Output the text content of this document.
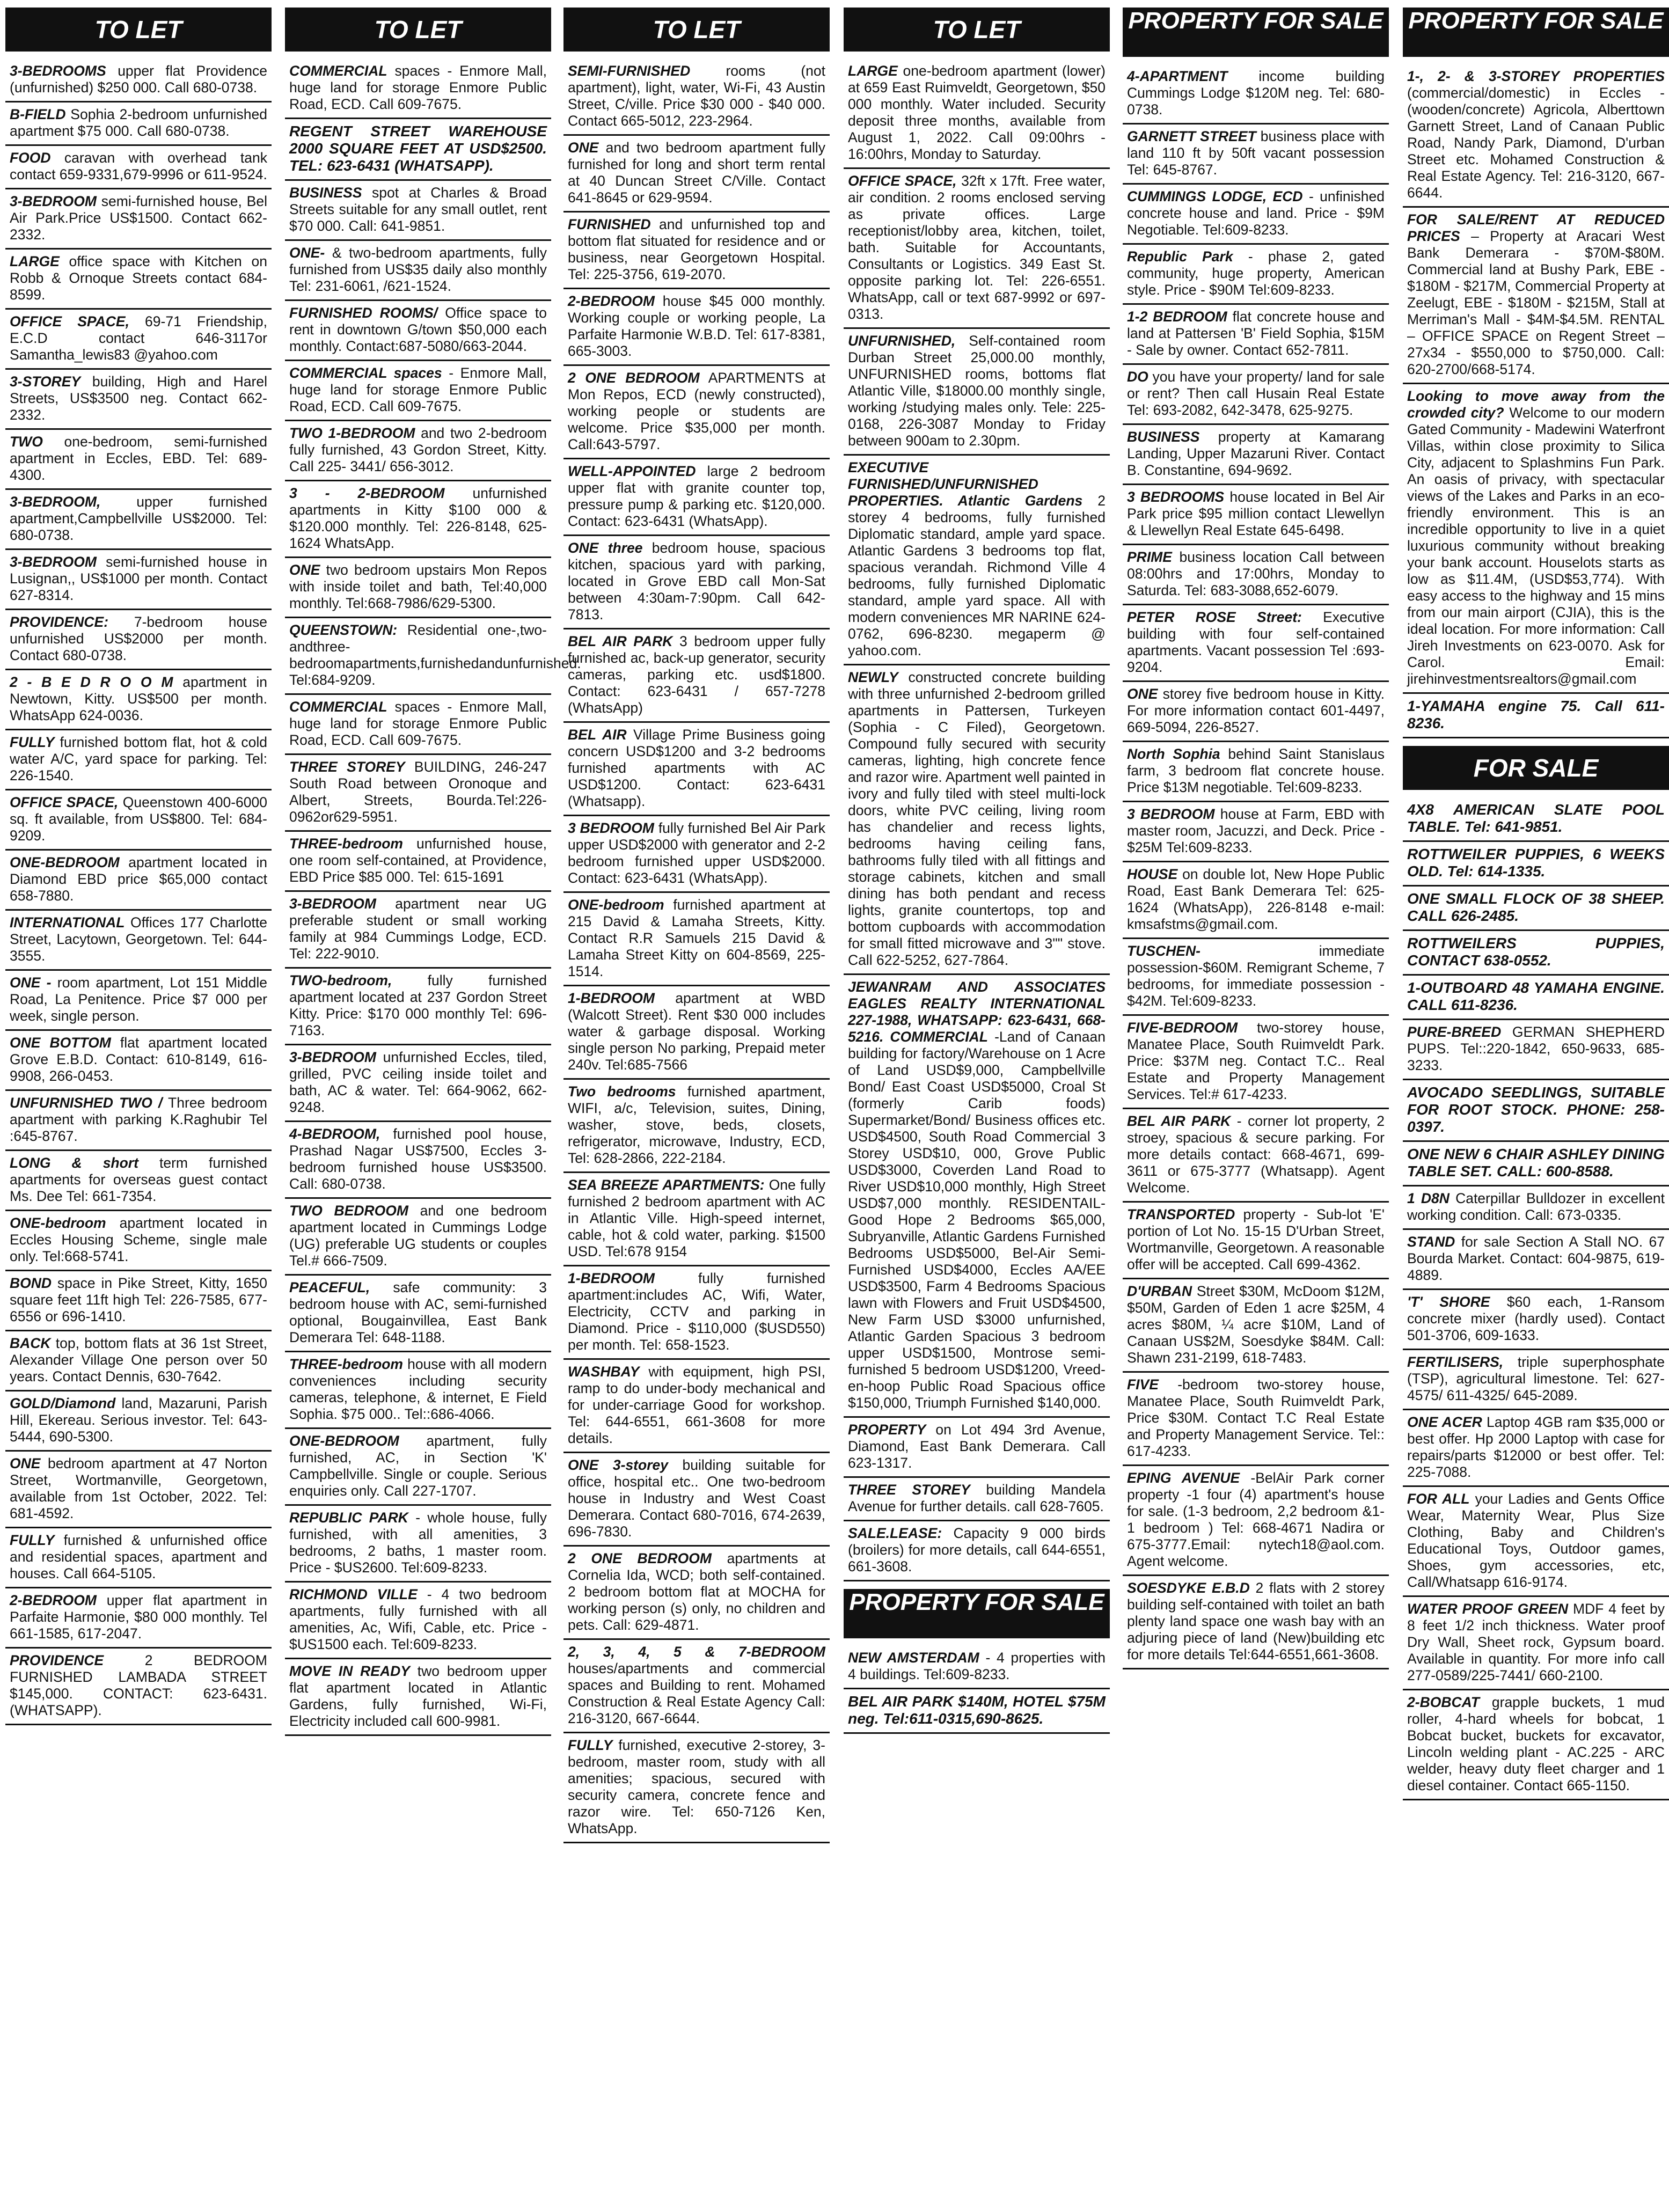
TO LET
3-BEDROOMS upper flat Providence (unfurnished) $250 000. Call 680-0738.
B-FIELD Sophia 2-bedroom unfurnished apartment $75 000. Call 680-0738.
FOOD caravan with overhead tank contact 659-9331,679-9996 or 611-9524.
3-BEDROOM semi-furnished house, Bel Air Park.Price US$1500. Contact 662-2332.
LARGE office space with Kitchen on Robb & Ornoque Streets contact 684-8599.
OFFICE SPACE, 69-71 Friendship, E.C.D contact 646-3117or Samantha_lewis83 @yahoo.com
3-STOREY building, High and Harel Streets, US$3500 neg. Contact 662-2332.
TWO one-bedroom, semi-furnished apartment in Eccles, EBD. Tel: 689-4300.
3-BEDROOM,	upper furnished apartment,Campbellville US$2000. Tel: 680-0738.
3-BEDROOM semi-furnished house in Lusignan,, US$1000 per month. Contact 627-8314.
PROVIDENCE: 7-bedroom house unfurnished US$2000 per month. Contact 680-0738.
2 - B E D R O O M apartment in Newtown, Kitty. US$500 per month. WhatsApp 624-0036.
FULLY furnished bottom flat, hot & cold water A/C, yard space for parking. Tel: 226-1540.
OFFICE SPACE, Queenstown 400-6000 sq. ft available, from US$800. Tel: 684-9209.
ONE-BEDROOM apartment located in Diamond EBD price $65,000 contact 658-7880.
INTERNATIONAL Offices 177 Charlotte Street, Lacytown, Georgetown. Tel: 644-3555.
ONE - room apartment, Lot 151 Middle Road, La Penitence. Price $7 000 per week, single person.
ONE BOTTOM flat apartment located Grove E.B.D. Contact: 610-8149, 616-9908, 266-0453.
UNFURNISHED TWO / Three bedroom apartment with parking K.Raghubir Tel :645-8767.
LONG & short term furnished apartments for overseas guest contact Ms. Dee Tel: 661-7354.
ONE-bedroom apartment located in Eccles Housing Scheme, single male only. Tel:668-5741.
BOND space in Pike Street, Kitty, 1650 square feet 11ft high Tel: 226-7585, 677-6556 or 696-1410.
BACK top, bottom flats at 36 1st Street, Alexander Village One person over 50 years. Contact Dennis, 630-7642.
GOLD/Diamond land, Mazaruni, Parish Hill, Ekereau. Serious investor. Tel: 643-5444, 690-5300.
ONE bedroom apartment at 47 Norton Street, Wortmanville, Georgetown, available from 1st October, 2022. Tel: 681-4592.
FULLY furnished & unfurnished office and residential spaces, apartment and houses. Call 664-5105.
2-BEDROOM upper flat apartment in Parfaite Harmonie, $80 000 monthly. Tel 661-1585, 617-2047.
PROVIDENCE	2 BEDROOM FURNISHED LAMBADA STREET $145,000. CONTACT: 623-6431. (WHATSAPP).
TO LET
COMMERCIAL spaces - Enmore Mall, huge land for storage Enmore Public Road, ECD. Call 609-7675.
REGENT STREET WAREHOUSE 2000 SQUARE FEET AT USD$2500. TEL: 623-6431 (WHATSAPP).
BUSINESS spot at Charles & Broad Streets suitable for any small outlet, rent $70 000. Call: 641-9851.
ONE- & two-bedroom apartments, fully furnished from US$35 daily also monthly Tel: 231-6061, /621-1524.
FURNISHED ROOMS/ Office space to rent in downtown G/town $50,000 each monthly. Contact:687-5080/663-2044.
COMMERCIAL spaces - Enmore Mall, huge land for storage Enmore Public Road, ECD. Call 609-7675.
TWO 1-BEDROOM and two 2-bedroom fully furnished, 43 Gordon Street, Kitty. Call 225- 3441/ 656-3012.
3 - 2-BEDROOM unfurnished apartments in Kitty $100 000 & $120.000 monthly. Tel: 226-8148, 625-1624 WhatsApp.
ONE two bedroom upstairs Mon Repos with inside toilet and bath, Tel:40,000 monthly. Tel:668-7986/629-5300.
QUEENSTOWN: Residential one-,two-andthree-bedroomapartments,furnishedandunfurnished. Tel:684-9209.
COMMERCIAL spaces - Enmore Mall, huge land for storage Enmore Public Road, ECD. Call 609-7675.
THREE STOREY BUILDING, 246-247 South Road between Oronoque and Albert, Streets, Bourda.Tel:226-0962or629-5951.
THREE-bedroom unfurnished house, one room self-contained, at Providence, EBD Price $85 000. Tel: 615-1691
3-BEDROOM apartment near UG preferable student or small working family at 984 Cummings Lodge, ECD. Tel: 222-9010.
TWO-bedroom, fully furnished apartment located at 237 Gordon Street Kitty. Price: $170 000 monthly Tel: 696-7163.
3-BEDROOM unfurnished Eccles, tiled, grilled, PVC ceiling inside toilet and bath, AC & water. Tel: 664-9062, 662-9248.
4-BEDROOM, furnished pool house, Prashad Nagar US$7500, Eccles 3-bedroom furnished house US$3500. Call: 680-0738.
TWO BEDROOM and one bedroom apartment located in Cummings Lodge (UG) preferable UG students or couples Tel.# 666-7509.
PEACEFUL, safe community: 3 bedroom house with AC, semi-furnished optional, Bougainvillea, East Bank Demerara Tel: 648-1188.
THREE-bedroom house with all modern conveniences including security cameras, telephone, & internet, E Field Sophia. $75 000.. Tel::686-4066.
ONE-BEDROOM apartment, fully furnished, AC, in Section 'K' Campbellville. Single or couple. Serious enquiries only. Call 227-1707.
REPUBLIC PARK - whole house, fully furnished, with all amenities, 3 bedrooms, 2 baths, 1 master room. Price - $US2600. Tel:609-8233.
RICHMOND VILLE - 4 two bedroom apartments, fully furnished with all amenities, Ac, Wifi, Cable, etc. Price - $US1500 each. Tel:609-8233.
MOVE IN READY two bedroom upper flat apartment located in Atlantic Gardens, fully furnished, Wi-Fi, Electricity included call 600-9981.
TO LET
SEMI-FURNISHED	rooms (not apartment), light, water, Wi-Fi, 43 Austin Street, C/ville. Price $30 000 - $40 000. Contact 665-5012, 223-2964.
ONE and two bedroom apartment fully furnished for long and short term rental at 40 Duncan Street C/Ville. Contact 641-8645 or 629-9594.
FURNISHED and unfurnished top and bottom flat situated for residence and or business, near Georgetown Hospital. Tel: 225-3756, 619-2070.
2-BEDROOM house $45 000 monthly. Working couple or working people, La Parfaite Harmonie W.B.D. Tel: 617-8381, 665-3003.
2 ONE BEDROOM APARTMENTS at Mon Repos, ECD (newly constructed), working people or students are welcome. Price $35,000 per month. Call:643-5797.
WELL-APPOINTED large 2 bedroom upper flat with granite counter top, pressure pump & parking etc. $120,000. Contact: 623-6431 (WhatsApp).
ONE three bedroom house, spacious kitchen, spacious yard with parking, located in Grove EBD call Mon-Sat between 4:30am-7:90pm. Call 642-7813.
BEL AIR PARK 3 bedroom upper fully furnished ac, back-up generator, security cameras, parking etc. usd$1800. Contact: 623-6431 / 657-7278 (WhatsApp)
BEL AIR Village Prime Business going concern USD$1200 and 3-2 bedrooms furnished apartments with AC USD$1200. Contact: 623-6431 (Whatsapp).
3 BEDROOM fully furnished Bel Air Park upper USD$2000 with generator and 2-2 bedroom furnished upper USD$2000. Contact: 623-6431 (WhatsApp).
ONE-bedroom furnished apartment at 215 David & Lamaha Streets, Kitty. Contact R.R Samuels 215 David & Lamaha Street Kitty on 604-8569, 225-1514.
1-BEDROOM apartment at WBD (Walcott Street). Rent $30 000 includes water & garbage disposal. Working single person No parking, Prepaid meter 240v. Tel:685-7566
Two bedrooms furnished apartment, WIFI, a/c, Television, suites, Dining, washer, stove, beds, closets, refrigerator, microwave, Industry, ECD, Tel: 628-2866, 222-2184.
SEA BREEZE APARTMENTS: One fully furnished 2 bedroom apartment with AC in Atlantic Ville. High-speed internet, cable, hot & cold water, parking. $1500 USD. Tel:678 9154
1-BEDROOM	fully furnished apartment:includes AC, Wifi, Water, Electricity, CCTV and parking in Diamond. Price - $110,000 ($USD550) per month. Tel: 658-1523.
WASHBAY with equipment, high PSI, ramp to do under-body mechanical and for under-carriage Good for workshop. Tel: 644-6551, 661-3608 for more details.
ONE 3-storey building suitable for office, hospital etc.. One two-bedroom house in Industry and West Coast Demerara. Contact 680-7016, 674-2639, 696-7830.
2 ONE BEDROOM apartments at Cornelia Ida, WCD; both self-contained. 2 bedroom bottom flat at MOCHA for working person (s) only, no children and pets. Call: 629-4871.
2, 3, 4, 5 & 7-BEDROOM houses/apartments and commercial spaces and Building to rent. Mohamed Construction & Real Estate Agency Call: 216-3120, 667-6644.
FULLY furnished, executive 2-storey, 3-bedroom, master room, study with all amenities; spacious, secured with security camera, concrete fence and razor wire. Tel: 650-7126 Ken, WhatsApp.
TO LET
LARGE one-bedroom apartment (lower) at 659 East Ruimveldt, Georgetown, $50 000 monthly. Water included. Security deposit three months, available from August 1, 2022. Call 09:00hrs - 16:00hrs, Monday to Saturday.
OFFICE SPACE, 32ft x 17ft. Free water, air condition. 2 rooms enclosed serving as private offices. Large receptionist/lobby area, kitchen, toilet, bath. Suitable for Accountants, Consultants or Logistics. 349 East St. opposite parking lot. Tel: 226-6551. WhatsApp, call or text 687-9992 or 697-0313.
UNFURNISHED, Self-contained room Durban Street 25,000.00 monthly, UNFURNISHED rooms, bottoms flat Atlantic Ville, $18000.00 monthly single, working /studying males only. Tele: 225-0168, 226-3087 Monday to Friday between 900am to 2.30pm.
EXECUTIVE FURNISHED/UNFURNISHED PROPERTIES. Atlantic Gardens 2 storey 4 bedrooms, fully furnished Diplomatic standard, ample yard space. Atlantic Gardens 3 bedrooms top flat, spacious verandah. Richmond Ville 4 bedrooms, fully furnished Diplomatic standard, ample yard space. All with modern conveniences MR NARINE 624-0762, 696-8230. megaperm @ yahoo.com.
NEWLY constructed concrete building with three unfurnished 2-bedroom grilled apartments in Pattersen, Turkeyen (Sophia - C Filed), Georgetown. Compound fully secured with security cameras, lighting, high concrete fence and razor wire. Apartment well painted in ivory and fully tiled with steel multi-lock doors, white PVC ceiling, living room has chandelier and recess lights, bedrooms having ceiling fans, bathrooms fully tiled with all fittings and storage cabinets, kitchen and small dining has both pendant and recess lights, granite countertops, top and bottom cupboards with accommodation for small fitted microwave and 3"" stove. Call 622-5252, 627-7864.
JEWANRAM AND ASSOCIATES EAGLES REALTY INTERNATIONAL 227-1988, WHATSAPP: 623-6431, 668-5216. COMMERCIAL -Land of Canaan building for factory/Warehouse on 1 Acre of Land USD$9,000, Campbellville Bond/ East Coast USD$5000, Croal St (formerly Carib foods) Supermarket/Bond/ Business offices etc. USD$4500, South Road Commercial 3 Storey USD$10, 000, Grove Public USD$3000, Coverden Land Road to River USD$10,000 monthly, High Street USD$7,000 monthly. RESIDENTAIL- Good Hope 2 Bedrooms $65,000, Subryanville, Atlantic Gardens Furnished Bedrooms USD$5000, Bel-Air Semi-Furnished USD$4000, Eccles AA/EE USD$3500, Farm 4 Bedrooms Spacious lawn with Flowers and Fruit USD$4500, New Farm USD $3000 unfurnished, Atlantic Garden Spacious 3 bedroom upper USD$1500, Montrose semi-furnished 5 bedroom USD$1200, Vreed-en-hoop Public Road Spacious office $150,000, Triumph Furnished $140,000.
PROPERTY on Lot 494 3rd Avenue, Diamond, East Bank Demerara. Call 623-1317.
THREE STOREY building Mandela Avenue for further details. call 628-7605.
SALE.LEASE: Capacity 9 000 birds (broilers) for more details, call 644-6551, 661-3608.
PROPERTY FOR SALE
NEW AMSTERDAM - 4 properties with 4 buildings. Tel:609-8233.
BEL AIR PARK $140M, HOTEL $75M neg. Tel:611-0315,690-8625.
PROPERTY FOR SALE
4-APARTMENT income building Cummings Lodge $120M neg. Tel: 680-0738.
GARNETT STREET business place with land 110 ft by 50ft vacant possession Tel: 645-8767.
CUMMINGS LODGE, ECD - unfinished concrete house and land. Price - $9M Negotiable. Tel:609-8233.
Republic Park - phase 2, gated community, huge property, American style. Price - $90M Tel:609-8233.
1-2 BEDROOM flat concrete house and land at Pattersen 'B' Field Sophia, $15M - Sale by owner. Contact 652-7811.
DO you have your property/ land for sale or rent? Then call Husain Real Estate Tel: 693-2082, 642-3478, 625-9275.
BUSINESS property at Kamarang Landing, Upper Mazaruni River. Contact B. Constantine, 694-9692.
3 BEDROOMS house located in Bel Air Park price $95 million contact Llewellyn & Llewellyn Real Estate 645-6498.
PRIME business location Call between 08:00hrs and 17:00hrs, Monday to Saturda. Tel: 683-3088,652-6079.
PETER ROSE Street: Executive building with four self-contained apartments. Vacant possession Tel :693-9204.
ONE storey five bedroom house in Kitty. For more information contact 601-4497, 669-5094, 226-8527.
North Sophia behind Saint Stanislaus farm, 3 bedroom flat concrete house. Price $13M negotiable. Tel:609-8233.
3 BEDROOM house at Farm, EBD with master room, Jacuzzi, and Deck. Price - $25M Tel:609-8233.
HOUSE on double lot, New Hope Public Road, East Bank Demerara Tel: 625-1624 (WhatsApp), 226-8148 e-mail: kmsafstms@gmail.com.
TUSCHEN-	immediate possession-$60M. Remigrant Scheme, 7 bedrooms, for immediate possession - $42M. Tel:609-8233.
FIVE-BEDROOM two-storey house, Manatee Place, South Ruimveldt Park. Price: $37M neg. Contact T.C.. Real Estate and Property Management Services. Tel:# 617-4233.
BEL AIR PARK - corner lot property, 2 stroey, spacious & secure parking. For more details contact: 668-4671, 699-3611 or 675-3777 (Whatsapp). Agent Welcome.
TRANSPORTED property - Sub-lot 'E' portion of Lot No. 15-15 D'Urban Street, Wortmanville, Georgetown. A reasonable offer will be accepted. Call 699-4362.
D'URBAN Street $30M, McDoom $12M, $50M, Garden of Eden 1 acre $25M, 4 acres $80M, ¼ acre $10M, Land of Canaan US$2M, Soesdyke $84M. Call: Shawn 231-2199, 618-7483.
FIVE -bedroom two-storey house, Manatee Place, South Ruimveldt Park, Price $30M. Contact T.C Real Estate and Property Management Service. Tel:: 617-4233.
EPING AVENUE -BelAir Park corner property -1 four (4) apartment's house for sale. (1-3 bedroom, 2,2 bedroom &1-1 bedroom ) Tel: 668-4671 Nadira or 675-3777.Email: nytech18@aol.com. Agent welcome.
SOESDYKE E.B.D 2 flats with 2 storey building self-contained with toilet an bath plenty land space one wash bay with an adjuring piece of land (New)building etc for more details Tel:644-6551,661-3608.
PROPERTY FOR SALE
1-, 2- & 3-STOREY PROPERTIES (commercial/domestic) in Eccles - (wooden/concrete) Agricola, Alberttown Garnett Street, Land of Canaan Public Road, Nandy Park, Diamond, D'urban Street etc. Mohamed Construction & Real Estate Agency. Tel: 216-3120, 667-6644.
FOR SALE/RENT AT REDUCED PRICES – Property at Aracari West Bank Demerara - $70M-$80M. Commercial land at Bushy Park, EBE - $180M - $217M, Commercial Property at Zeelugt, EBE - $180M - $215M, Stall at Merriman's Mall - $4M-$4.5M. RENTAL – OFFICE SPACE on Regent Street – 27x34 - $550,000 to $750,000. Call: 620-2700/668-5174.
Looking to move away from the crowded city? Welcome to our modern Gated Community - Madewini Waterfront Villas, within close proximity to Silica City, adjacent to Splashmins Fun Park. An oasis of privacy, with spectacular views of the Lakes and Parks in an eco-friendly environment. This is an incredible opportunity to live in a quiet luxurious community without breaking your bank account. Houselots starts as low as $11.4M, (USD$53,774). With easy access to the highway and 15 mins from our main airport (CJIA), this is the ideal location. For more information: Call Jireh Investments on 623-0070. Ask for Carol. Email: jirehinvestmentsrealtors@gmail.com
1-YAMAHA engine 75. Call 611-8236.
FOR SALE
4X8 AMERICAN SLATE POOL TABLE. Tel: 641-9851.
ROTTWEILER PUPPIES, 6 WEEKS OLD. Tel: 614-1335.
ONE SMALL FLOCK OF 38 SHEEP. CALL 626-2485.
ROTTWEILERS PUPPIES, CONTACT 638-0552.
1-OUTBOARD 48 YAMAHA ENGINE. CALL 611-8236.
PURE-BREED GERMAN SHEPHERD PUPS. Tel::220-1842, 650-9633, 685-3233.
AVOCADO SEEDLINGS, SUITABLE FOR ROOT STOCK. PHONE: 258-0397.
ONE NEW 6 CHAIR ASHLEY DINING TABLE SET. CALL: 600-8588.
1 D8N Caterpillar Bulldozer in excellent working condition. Call: 673-0335.
STAND for sale Section A Stall NO. 67 Bourda Market. Contact: 604-9875, 619-4889.
'T' SHORE $60 each, 1-Ransom concrete mixer (hardly used). Contact 501-3706, 609-1633.
FERTILISERS, triple superphosphate (TSP), agricultural limestone. Tel: 627-4575/ 611-4325/ 645-2089.
ONE ACER Laptop 4GB ram $35,000 or best offer. Hp 2000 Laptop with case for repairs/parts $12000 or best offer. Tel: 225-7088.
FOR ALL your Ladies and Gents Office Wear, Maternity Wear, Plus Size Clothing, Baby and Children's Educational Toys, Outdoor games, Shoes, gym accessories, etc, Call/Whatsapp 616-9174.
WATER PROOF GREEN MDF 4 feet by 8 feet 1/2 inch thickness. Water proof Dry Wall, Sheet rock, Gypsum board. Available in quantity. For more info call 277-0589/225-7441/ 660-2100.
2-BOBCAT grapple buckets, 1 mud roller, 4-hard wheels for bobcat, 1 Bobcat bucket, buckets for excavator, Lincoln welding plant - AC.225 - ARC welder, heavy duty fleet charger and 1 diesel container. Contact 665-1150.
